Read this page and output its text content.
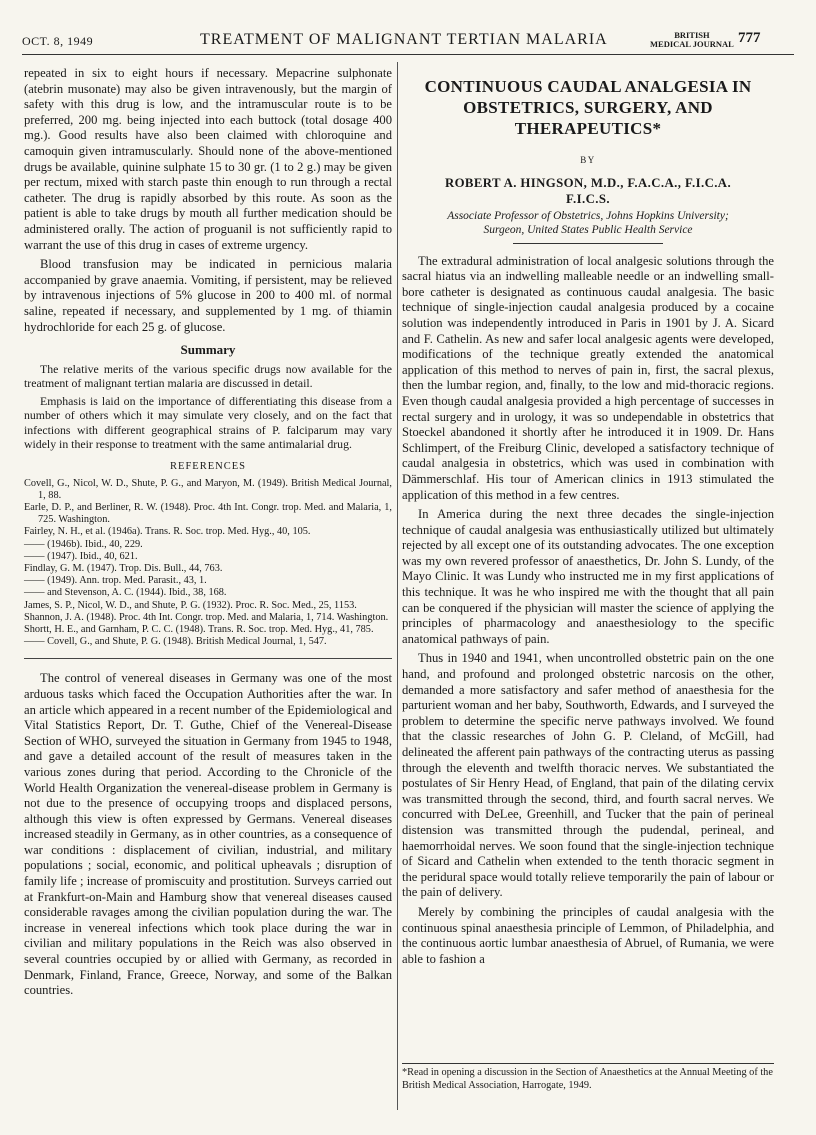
OCT. 8, 1949	TREATMENT OF MALIGNANT TERTIAN MALARIA	BRITISH
MEDICAL JOURNAL 777

repeated in six to eight hours if necessary. Mepacrine sulphonate (atebrin musonate) may also be given intravenously, but the margin of safety with this drug is low, and the intramuscular route is to be preferred, 200 mg. being injected into each buttock (total dosage 400 mg.). Good results have also been claimed with chloroquine and camoquin given intramuscularly. Should none of the above-mentioned drugs be available, quinine sulphate 15 to 30 gr. (1 to 2 g.) may be given per rectum, mixed with starch paste thin enough to run through a rectal catheter. The drug is rapidly absorbed by this route. As soon as the patient is able to take drugs by mouth all further medication should be administered orally. The action of proguanil is not sufficiently rapid to warrant the use of this drug in cases of extreme urgency.

Blood transfusion may be indicated in pernicious malaria accompanied by grave anaemia. Vomiting, if persistent, may be relieved by intravenous injections of 5% glucose in 200 to 400 ml. of normal saline, repeated if necessary, and supplemented by 1 mg. of thiamin hydrochloride for each 25 g. of glucose.

Summary

The relative merits of the various specific drugs now available for the treatment of malignant tertian malaria are discussed in detail.

Emphasis is laid on the importance of differentiating this disease from a number of others which it may simulate very closely, and on the fact that infections with different geographical strains of P. falciparum may vary widely in their response to treatment with the same antimalarial drug.

REFERENCES
Covell, G., Nicol, W. D., Shute, P. G., and Maryon, M. (1949). British Medical Journal, 1, 88.
Earle, D. P., and Berliner, R. W. (1948). Proc. 4th Int. Congr. trop. Med. and Malaria, 1, 725. Washington.
Fairley, N. H., et al. (1946a). Trans. R. Soc. trop. Med. Hyg., 40, 105.
—— (1946b). Ibid., 40, 229.
—— (1947). Ibid., 40, 621.
Findlay, G. M. (1947). Trop. Dis. Bull., 44, 763.
—— (1949). Ann. trop. Med. Parasit., 43, 1.
—— and Stevenson, A. C. (1944). Ibid., 38, 168.
James, S. P., Nicol, W. D., and Shute, P. G. (1932). Proc. R. Soc. Med., 25, 1153.
Shannon, J. A. (1948). Proc. 4th Int. Congr. trop. Med. and Malaria, 1, 714. Washington.
Shortt, H. E., and Garnham, P. C. C. (1948). Trans. R. Soc. trop. Med. Hyg., 41, 785.
—— Covell, G., and Shute, P. G. (1948). British Medical Journal, 1, 547.

The control of venereal diseases in Germany was one of the most arduous tasks which faced the Occupation Authorities after the war. In an article which appeared in a recent number of the Epidemiological and Vital Statistics Report, Dr. T. Guthe, Chief of the Venereal-Disease Section of WHO, surveyed the situation in Germany from 1945 to 1948, and gave a detailed account of the result of measures taken in the various zones during that period. According to the Chronicle of the World Health Organization the venereal-disease problem in Germany is not due to the presence of occupying troops and displaced persons, although this view is often expressed by Germans. Venereal diseases increased steadily in Germany, as in other countries, as a consequence of war conditions : displacement of civilian, industrial, and military populations ; social, economic, and political upheavals ; disruption of family life ; increase of promiscuity and prostitution. Surveys carried out at Frankfurt-on-Main and Hamburg show that venereal diseases caused considerable ravages among the civilian population during the war. The increase in venereal infections which took place during the war in civilian and military populations in the Reich was also observed in several countries occupied by or allied with Germany, as recorded in Denmark, Finland, France, Greece, Norway, and some of the Balkan countries.

CONTINUOUS CAUDAL ANALGESIA IN OBSTETRICS, SURGERY, AND THERAPEUTICS*
BY
ROBERT A. HINGSON, M.D., F.A.C.A., F.I.C.A.
F.I.C.S.
Associate Professor of Obstetrics, Johns Hopkins University;
Surgeon, United States Public Health Service

The extradural administration of local analgesic solutions through the sacral hiatus via an indwelling malleable needle or an indwelling small-bore catheter is designated as continuous caudal analgesia. The basic technique of single-injection caudal analgesia produced by a cocaine solution was independently introduced in Paris in 1901 by J. A. Sicard and F. Cathelin. As new and safer local analgesic agents were developed, modifications of the technique greatly extended the anatomical application of this method to nerves of pain in, first, the sacral plexus, then the lumbar region, and, finally, to the low and mid-thoracic regions. Even though caudal analgesia provided a high percentage of successes in rectal surgery and in urology, it was so undependable in obstetrics that Stoeckel abandoned it shortly after he introduced it in 1909. Dr. Hans Schlimpert, of the Freiburg Clinic, developed a satisfactory technique of caudal analgesia in obstetrics, which was used in combination with Dämmerschlaf. His tour of American clinics in 1913 stimulated the application of this method in a few centres.

In America during the next three decades the single-injection technique of caudal analgesia was enthusiastically utilized but ultimately rejected by all except one of its outstanding advocates. The one exception was my own revered professor of anaesthetics, Dr. John S. Lundy, of the Mayo Clinic. It was Lundy who instructed me in my first applications of this technique. It was he who inspired me with the thought that all pain can be conquered if the physician will master the science of applying the principles of pharmacology and anaesthesiology to the specific anatomical pathways of pain.

Thus in 1940 and 1941, when uncontrolled obstetric pain on the one hand, and profound and prolonged obstetric narcosis on the other, demanded a more satisfactory and safer method of anaesthesia for the parturient woman and her baby, Southworth, Edwards, and I surveyed the problem to determine the specific nerve pathways involved. We found that the classic researches of John G. P. Cleland, of McGill, had delineated the afferent pain pathways of the contracting uterus as passing through the eleventh and twelfth thoracic nerves. We substantiated the postulates of Sir Henry Head, of England, that pain of the dilating cervix was transmitted through the second, third, and fourth sacral nerves. We concurred with DeLee, Greenhill, and Tucker that the pain of perineal distension was transmitted through the pudendal, perineal, and haemorrhoidal nerves. We soon found that the single-injection technique of Sicard and Cathelin when extended to the tenth thoracic segment in the peridural space would totally relieve temporarily the pain of labour or the pain of delivery.

Merely by combining the principles of caudal analgesia with the continuous spinal anaesthesia principle of Lemmon, of Philadelphia, and the continuous aortic lumbar anaesthesia of Abruel, of Rumania, we were able to fashion a

*Read in opening a discussion in the Section of Anaesthetics at the Annual Meeting of the British Medical Association, Harrogate, 1949.
